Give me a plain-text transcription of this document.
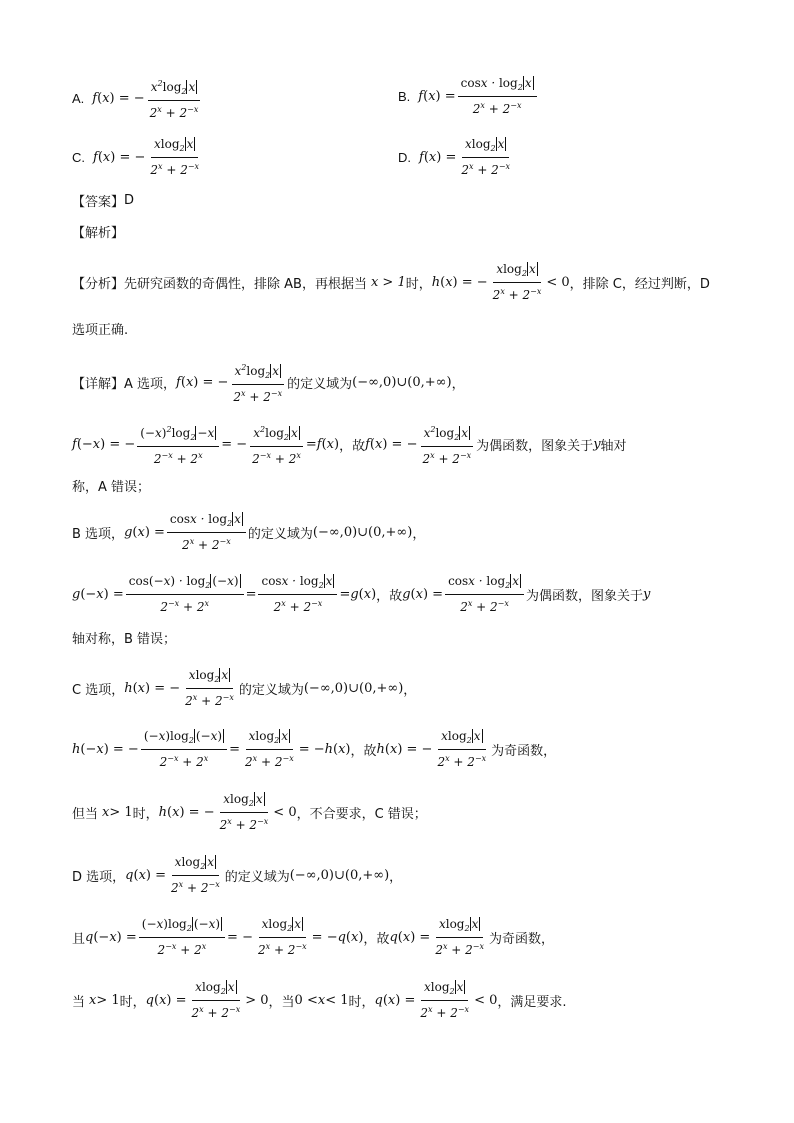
A. f ( x ) = − $\frac{x^2\log_2 x}{2^x + 2^{-x}}$	B. f ( x ) = $\frac{\cos x \cdot \log_2 x}{2^x + 2^{-x}}$
C. f ( x ) = − $\frac{xlog_2 x}{2^x + 2^{-x}}$	D. f ( x ) = $\frac{xlog_2 x}{2^x + 2^{-x}}$
【答案】 D
【解析】
【分析】 先研究函数的奇偶性，排除 AB，再根据当 x > 1 时， h ( x ) = − $\frac{xlog_2 x}{2^x + 2^{-x}} < 0$ ，排除 C，经过判断，D
选项正确.
【详解】 A 选项， f ( x ) = − $\frac{x^2\log_2 x}{2^x + 2^{-x}}$ 的定义域为 (−∞,0)∪(0,+∞) ，
f (− x ) = − $\frac{(-x)^2\log_2 -x}{2^{-x} + 2^x}$ = − $\frac{x^2\log_2 x}{2^{-x} + 2^x} = f$ ( x ) ， 故 f ( x ) = − $\frac{x^2\log_2 x}{2^x + 2^{-x}}$ 为偶函数，图象关于 y 轴对
称，A 错误；
B 选项， g ( x ) = $\frac{\cos x \cdot \log_2 x}{2^x + 2^{-x}}$ 的定义域为 (−∞,0)∪(0,+∞) ，
g (− x ) = $\frac{\cos(-x) \cdot \log_2 (-x)}{2^{-x} + 2^x} = \frac{\cos x \cdot \log_2 x}{2^x + 2^{-x}} = g$ ( x ) ， 故 g ( x ) = $\frac{\cos x \cdot \log_2 x}{2^x + 2^{-x}}$ 为偶函数，图象关于 y
轴对称，B 错误；
C 选项， h ( x ) = − $\frac{xlog_2 x}{2^x + 2^{-x}}$ 的定义域为 (−∞,0)∪(0,+∞) ，
h (− x ) = − $\frac{(-x)\log_2 (-x)}{2^{-x} + 2^x} = \frac{xlog_2 x}{2^x + 2^{-x}}$ = − h ( x ) ， 故 h ( x ) = − $\frac{xlog_2 x}{2^x + 2^{-x}}$ 为奇函数，
但当 x > 1 时， h ( x ) = − $\frac{xlog_2 x}{2^x + 2^{-x}} < 0$ ，不合要求，C 错误；
D 选项， q ( x ) = $\frac{xlog_2 x}{2^x + 2^{-x}}$ 的定义域为 (−∞,0)∪(0,+∞) ，
且 q (− x ) = $\frac{(-x)\log_2 (-x)}{2^{-x} + 2^x}$ = − $\frac{xlog_2 x}{2^x + 2^{-x}}$ = − q ( x ) ， 故 q ( x ) = $\frac{xlog_2 x}{2^x + 2^{-x}}$ 为奇函数，
当 x > 1 时， q ( x ) = $\frac{xlog_2 x}{2^x + 2^{-x}} > 0$ ，当 0 < x < 1 时， q ( x ) = $\frac{xlog_2 x}{2^x + 2^{-x}} < 0$ ，满足要求.
